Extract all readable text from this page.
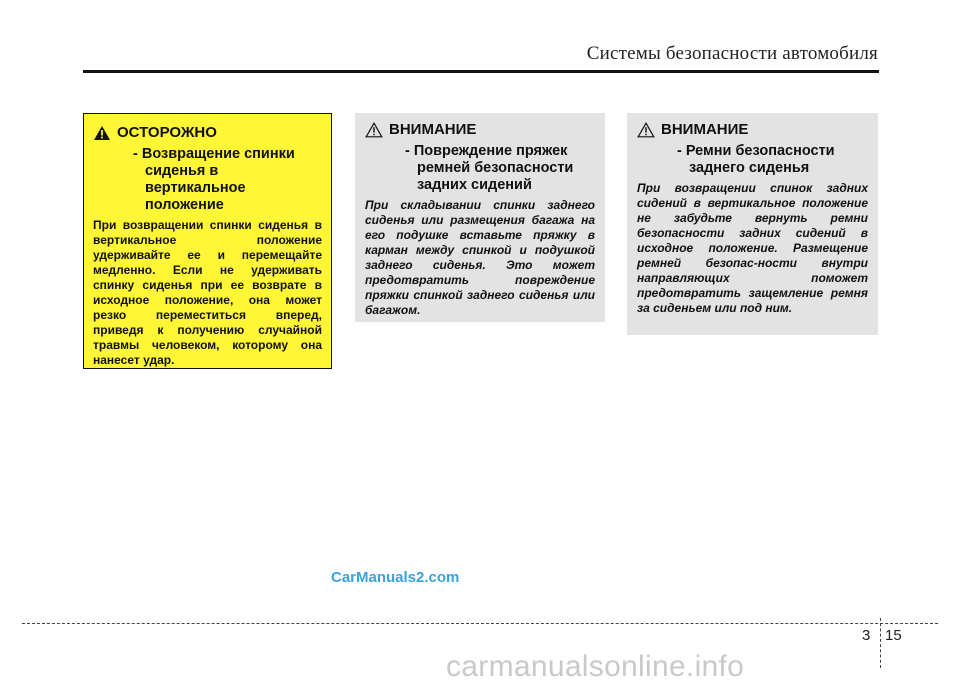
Системы безопасности автомобиля
ОСТОРОЖНО
- Возвращение спинки сиденья в вертикальное положение
При возвращении спинки сиденья в вертикальное положение удерживайте ее и перемещайте медленно. Если не удерживать спинку сиденья при ее возврате в исходное положение, она может резко переместиться вперед, приведя к получению случайной травмы человеком, которому она нанесет удар.
ВНИМАНИЕ
- Повреждение пряжек ремней безопасности задних сидений
При складывании спинки заднего сиденья или размещения багажа на его подушке вставьте пряжку в карман между спинкой и подушкой заднего сиденья. Это может предотвратить повреждение пряжки спинкой заднего сиденья или багажом.
ВНИМАНИЕ
- Ремни безопасности заднего сиденья
При возвращении спинок задних сидений в вертикальное положение не забудьте вернуть ремни безопасности задних сидений в исходное положение. Размещение ремней безопас-ности внутри направляющих поможет предотвратить защемление ремня за сиденьем или под ним.
CarManuals2.com
3 15
carmanualsonline.info
